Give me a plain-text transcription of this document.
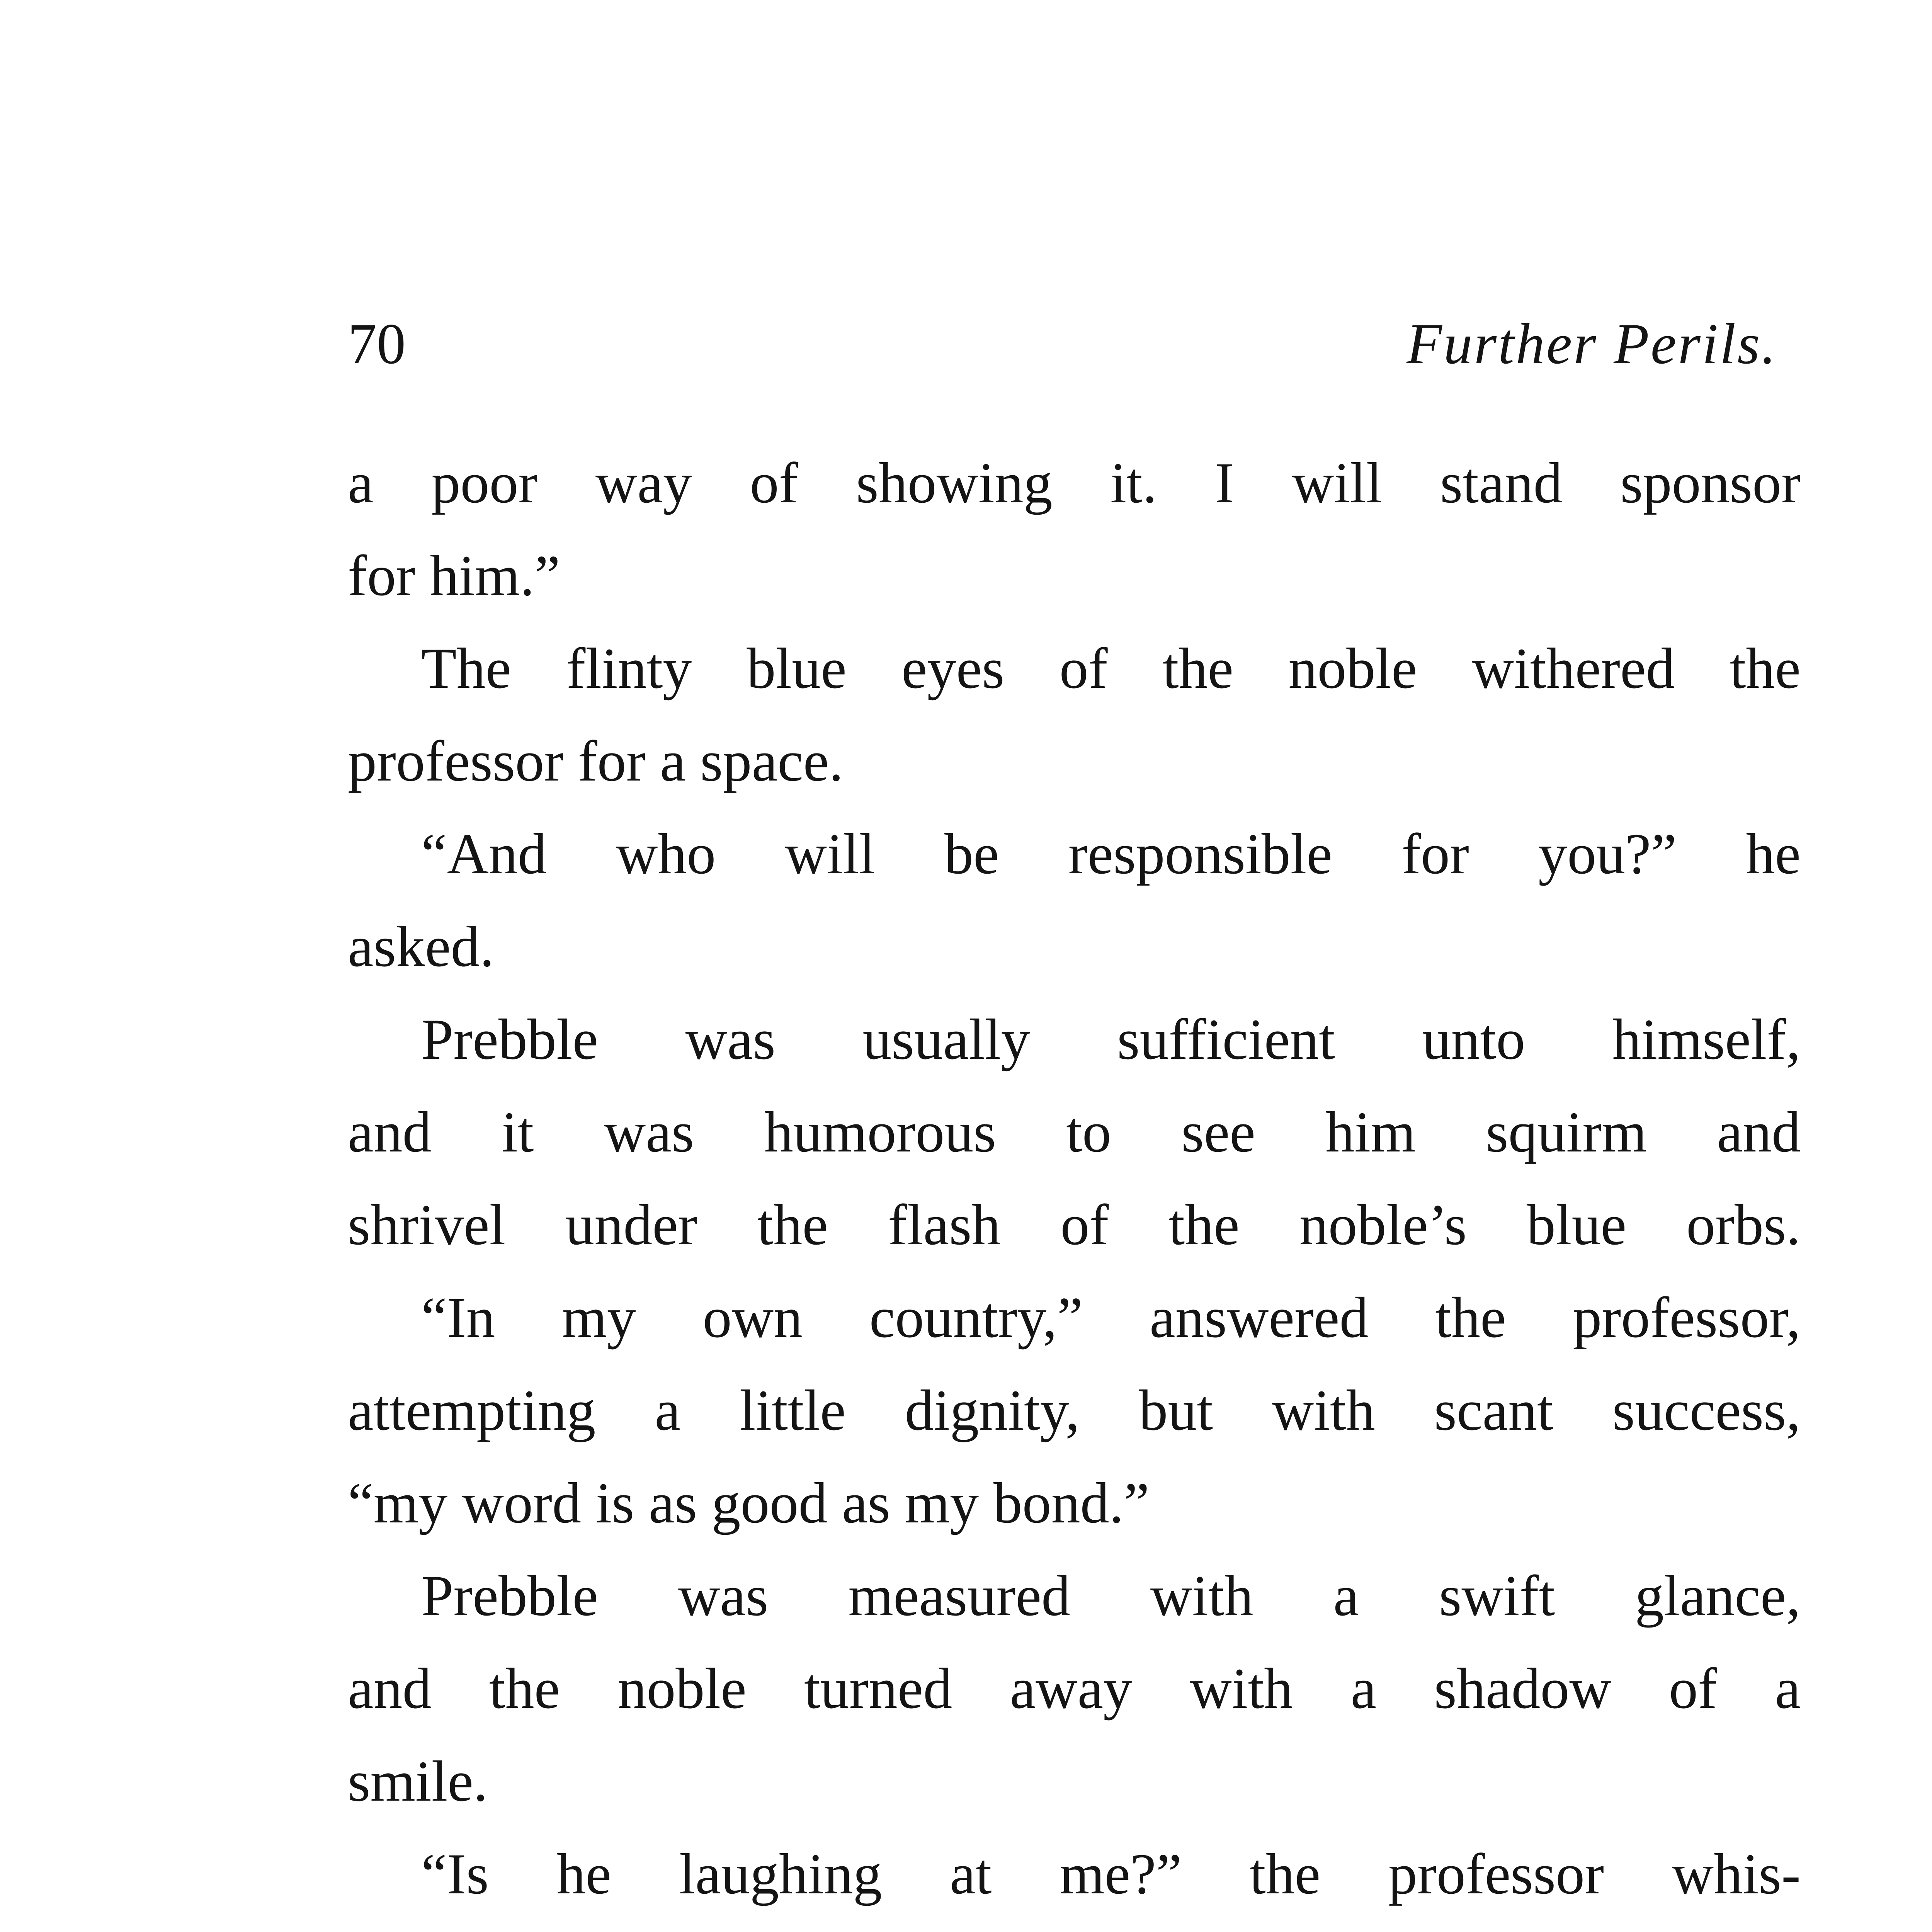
70	Further Perils.
a poor way of showing it. I will stand sponsor
for him.”
The flinty blue eyes of the noble withered the
professor for a space.
“And who will be responsible for you?” he
asked.
Prebble was usually sufficient unto himself,
and it was humorous to see him squirm and
shrivel under the flash of the noble’s blue orbs.
“In my own country,” answered the professor,
attempting a little dignity, but with scant success,
“my word is as good as my bond.”
Prebble was measured with a swift glance,
and the noble turned away with a shadow of a
smile.
“Is he laughing at me?” the professor whis-
